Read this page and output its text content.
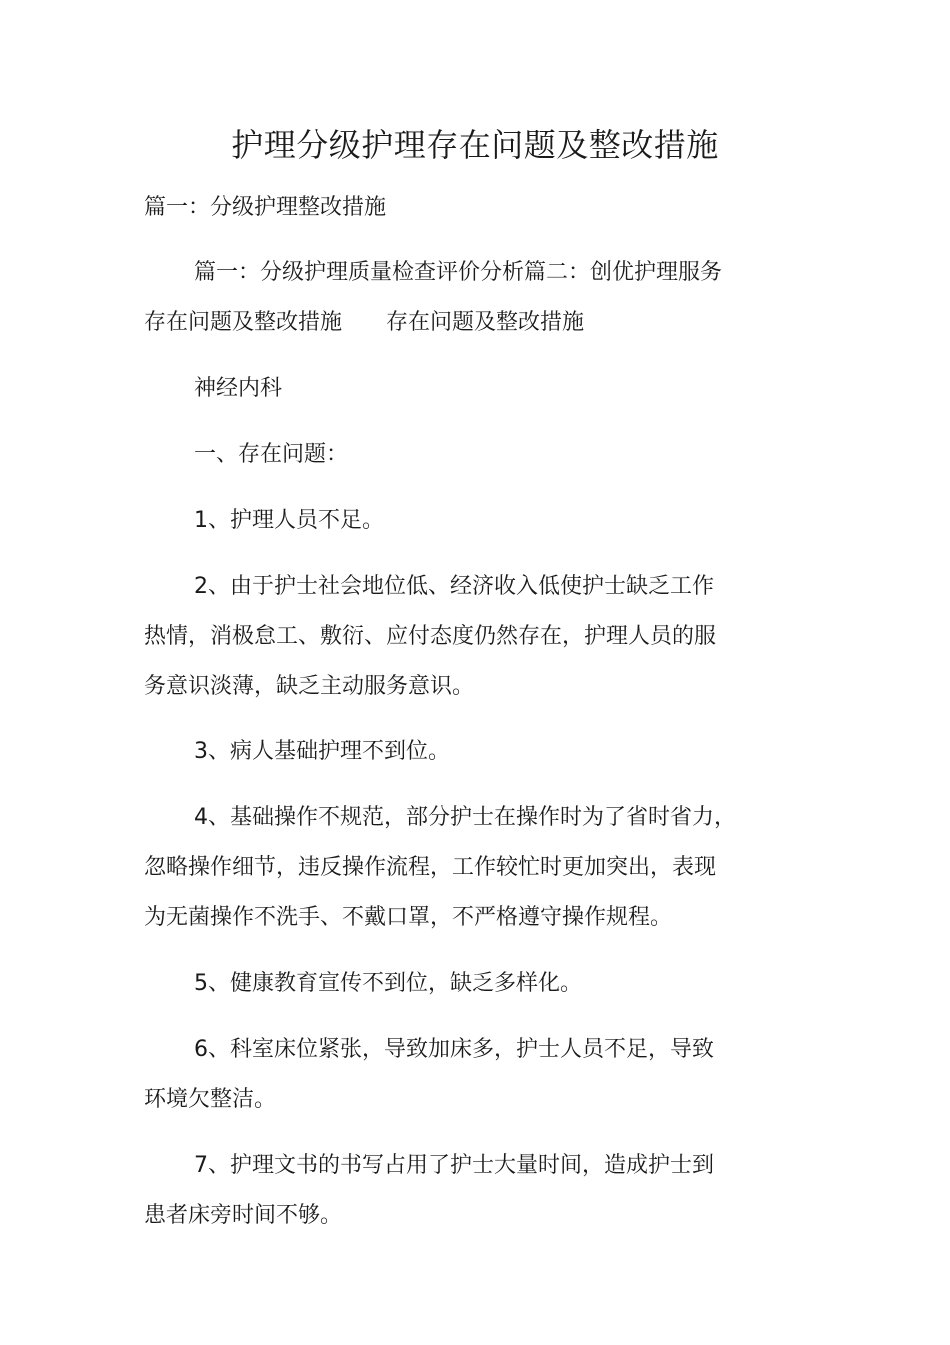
护理分级护理存在问题及整改措施

篇一：分级护理整改措施

篇一：分级护理质量检查评价分析篇二：创优护理服务
存在问题及整改措施　　存在问题及整改措施

神经内科

一、存在问题：

1、护理人员不足。

2、由于护士社会地位低、经济收入低使护士缺乏工作
热情，消极怠工、敷衍、应付态度仍然存在，护理人员的服
务意识淡薄，缺乏主动服务意识。

3、病人基础护理不到位。

4、基础操作不规范，部分护士在操作时为了省时省力，
忽略操作细节，违反操作流程，工作较忙时更加突出，表现
为无菌操作不洗手、不戴口罩，不严格遵守操作规程。

5、健康教育宣传不到位，缺乏多样化。

6、科室床位紧张，导致加床多，护士人员不足，导致
环境欠整洁。

7、护理文书的书写占用了护士大量时间，造成护士到
患者床旁时间不够。
